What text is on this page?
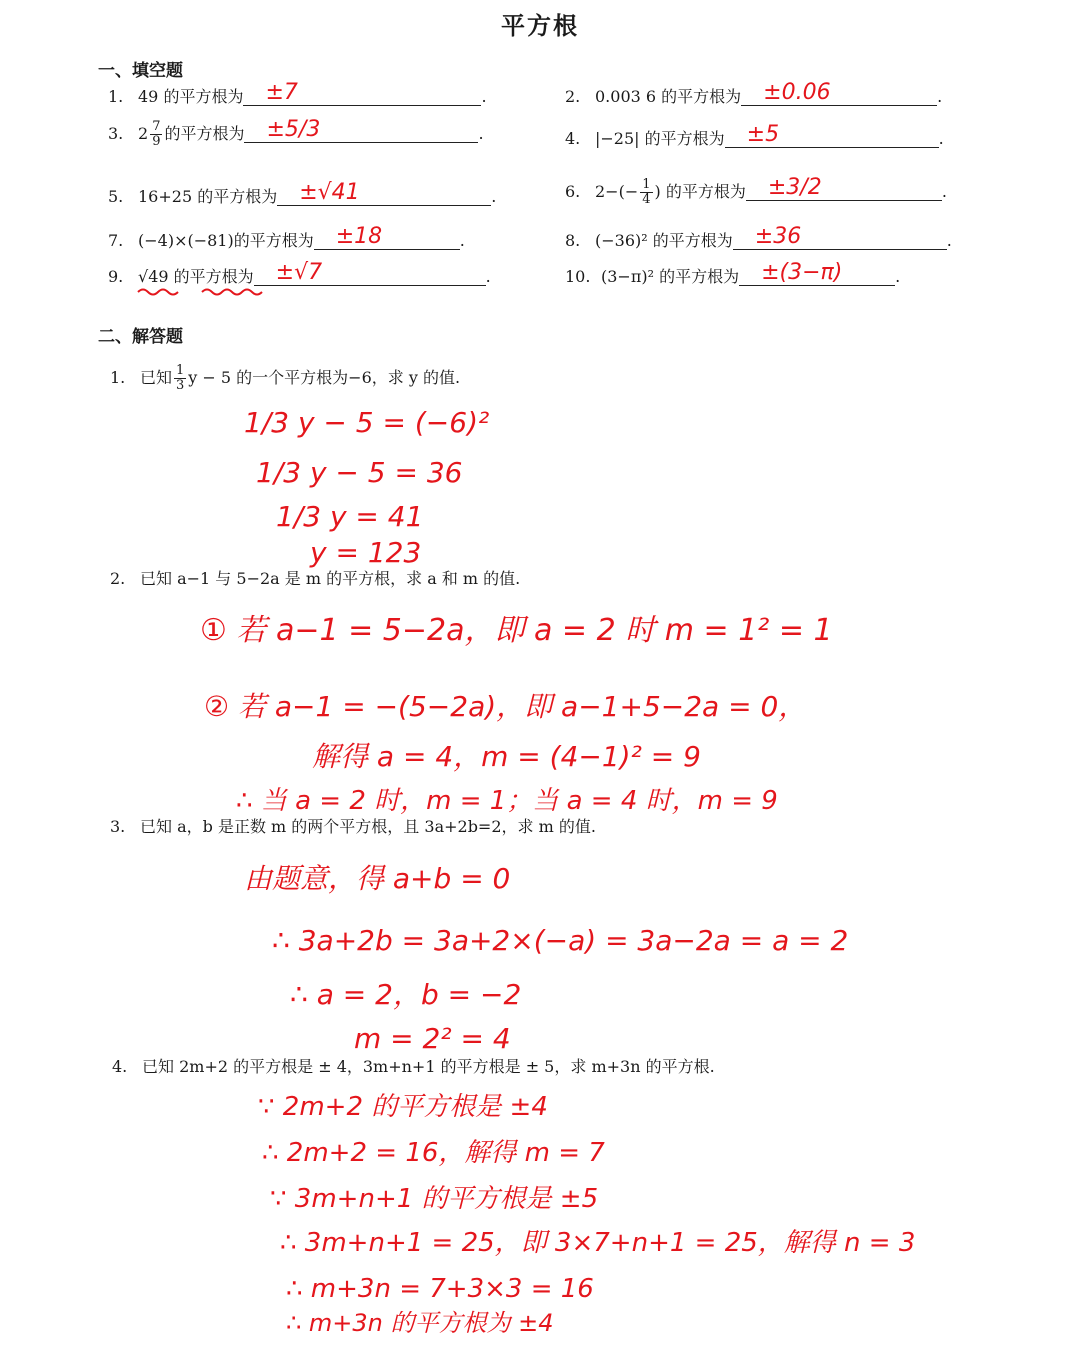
平方根
一、填空题
1. 49 的平方根为 ±7	.	2. 0.003 6 的平方根为 ±0.06	.
3. $2 \frac{7}{9}$ 的平方根为 ±5/3	.	4. |−25| 的平方根为 ±5	.
5. 16+25 的平方根为 ±√41	.	6. $2-(- \frac{1}{4}$ ) 的平方根为 ±3/2	.
7. (−4)×(−81)的平方根为 ±18	.	8. (−36)² 的平方根为 ±36	.
9. √49 的平方根为 ±√7	.	10. (3−π)² 的平方根为 ±(3−π)	.
二、解答题
1. 已知 $\frac{1}{3}$ y − 5 的一个平方根为−6，求 y 的值.
1/3 y − 5 = (−6)²
1/3 y − 5 = 36
1/3 y = 41
y = 123
2. 已知 a−1 与 5−2a 是 m 的平方根，求 a 和 m 的值.
① 若 a−1 = 5−2a，即 a = 2 时 m = 1² = 1
② 若 a−1 = −(5−2a)，即 a−1+5−2a = 0，
解得 a = 4，m = (4−1)² = 9
∴ 当 a = 2 时，m = 1；当 a = 4 时，m = 9
3. 已知 a，b 是正数 m 的两个平方根，且 3a+2b=2，求 m 的值.
由题意，得 a+b = 0
∴ 3a+2b = 3a+2×(−a) = 3a−2a = a = 2
∴ a = 2，b = −2
m = 2² = 4
4. 已知 2m+2 的平方根是 ± 4，3m+n+1 的平方根是 ± 5，求 m+3n 的平方根.
∵ 2m+2 的平方根是 ±4
∴ 2m+2 = 16，解得 m = 7
∵ 3m+n+1 的平方根是 ±5
∴ 3m+n+1 = 25，即 3×7+n+1 = 25，解得 n = 3
∴ m+3n = 7+3×3 = 16
∴ m+3n 的平方根为 ±4
